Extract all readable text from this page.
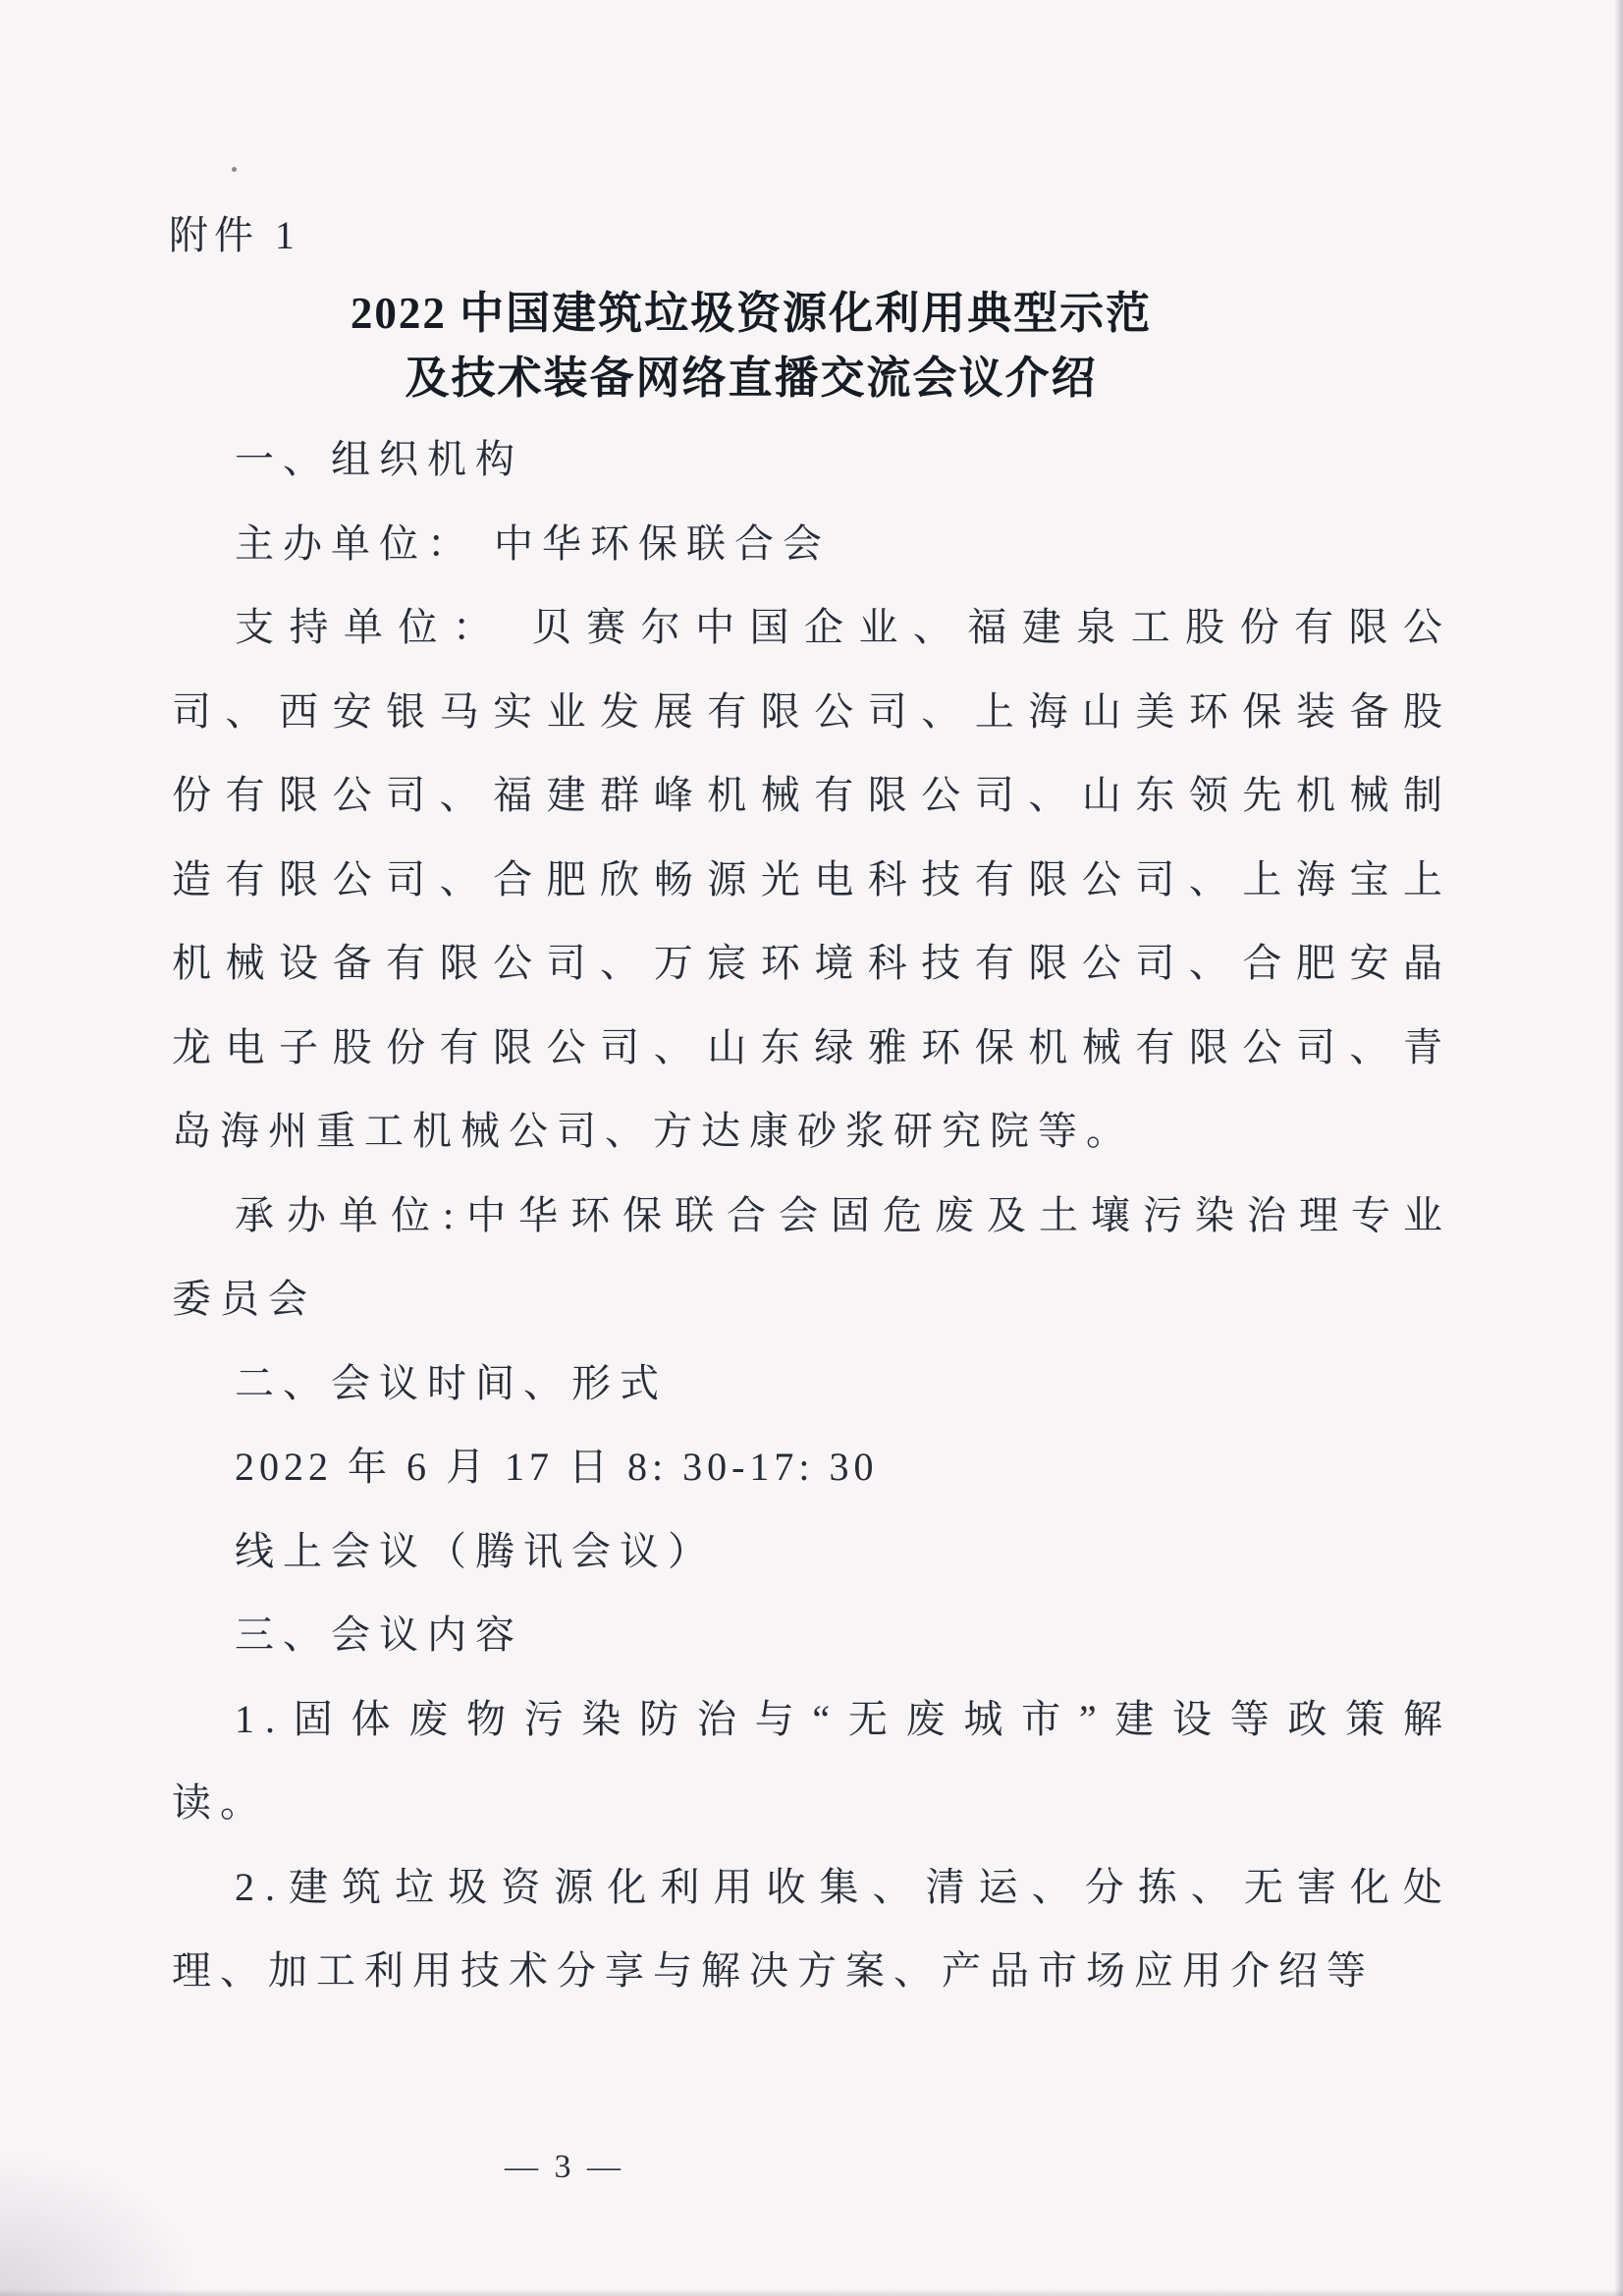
附件 1
2022 中国建筑垃圾资源化利用典型示范
及技术装备网络直播交流会议介绍
一、组织机构
主办单位： 中华环保联合会
支持单位： 贝赛尔中国企业、福建泉工股份有限公
司、西安银马实业发展有限公司、上海山美环保装备股
份有限公司、福建群峰机械有限公司、山东领先机械制
造有限公司、合肥欣畅源光电科技有限公司、上海宝上
机械设备有限公司、万宸环境科技有限公司、合肥安晶
龙电子股份有限公司、山东绿雅环保机械有限公司、青
岛海州重工机械公司、方达康砂浆研究院等。
承办单位:中华环保联合会固危废及土壤污染治理专业
委员会
二、会议时间、形式
2022 年 6 月 17 日 8: 30-17: 30
线上会议（腾讯会议）
三、会议内容
1.固体废物污染防治与“无废城市”建设等政策解
读。
2.建筑垃圾资源化利用收集、清运、分拣、无害化处
理、加工利用技术分享与解决方案、产品市场应用介绍等
— 3 —
